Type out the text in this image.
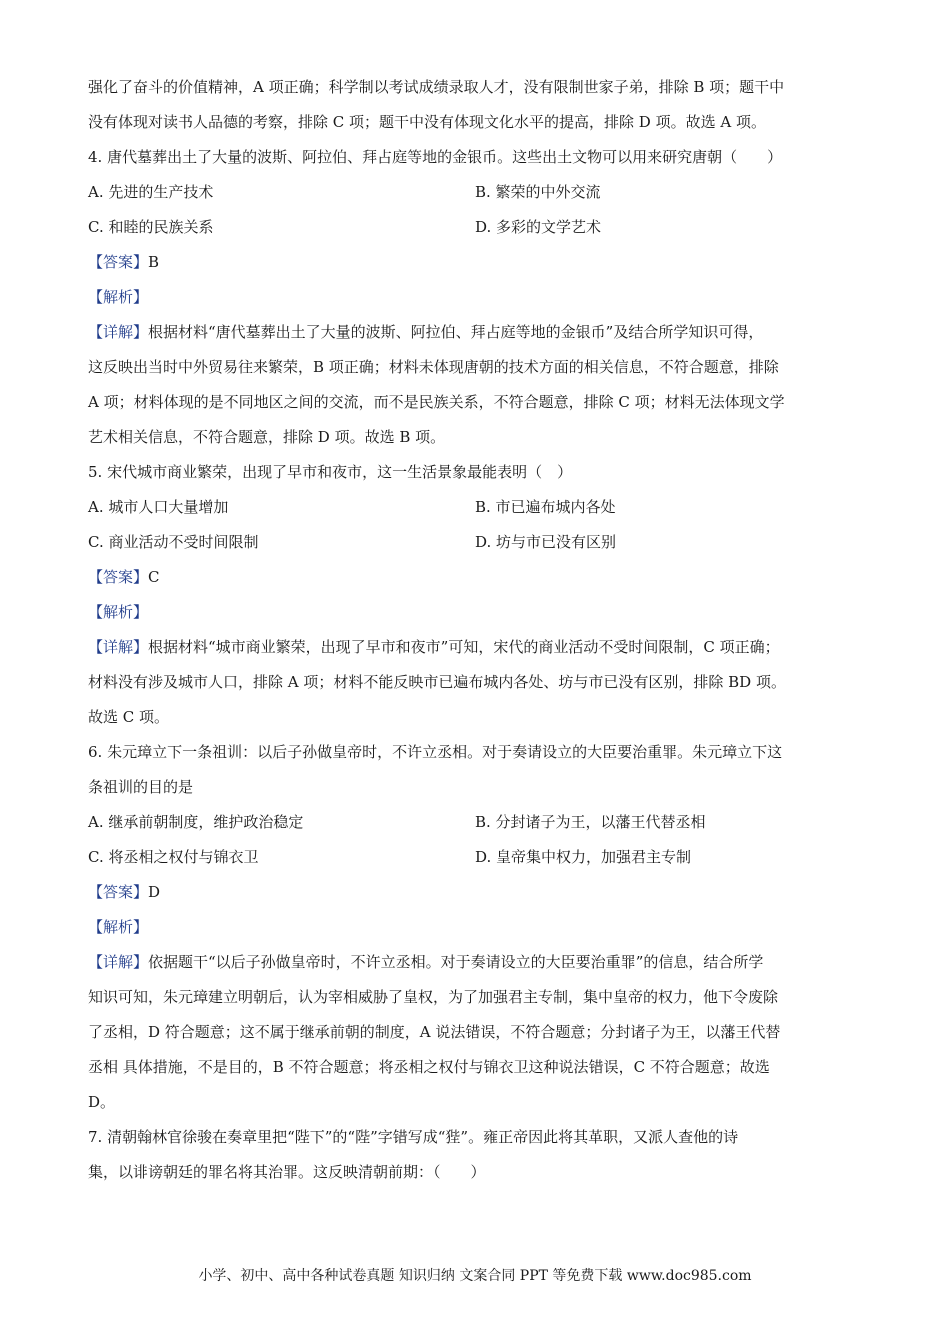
强化了奋斗的价值精神，A 项正确；科学制以考试成绩录取人才，没有限制世家子弟，排除 B 项；题干中
没有体现对读书人品德的考察，排除 C 项；题干中没有体现文化水平的提高，排除 D 项。故选 A 项。
4. 唐代墓葬出土了大量的波斯、阿拉伯、拜占庭等地的金银币。这些出土文物可以用来研究唐朝（　　）
A. 先进的生产技术	B. 繁荣的中外交流
C. 和睦的民族关系	D. 多彩的文学艺术
【答案】B
【解析】
【详解】根据材料“唐代墓葬出土了大量的波斯、阿拉伯、拜占庭等地的金银币”及结合所学知识可得，
这反映出当时中外贸易往来繁荣，B 项正确；材料未体现唐朝的技术方面的相关信息，不符合题意，排除
A 项；材料体现的是不同地区之间的交流，而不是民族关系，不符合题意，排除 C 项；材料无法体现文学
艺术相关信息，不符合题意，排除 D 项。故选 B 项。
5. 宋代城市商业繁荣，出现了早市和夜市，这一生活景象最能表明（　）
A. 城市人口大量增加	B. 市已遍布城内各处
C. 商业活动不受时间限制	D. 坊与市已没有区别
【答案】C
【解析】
【详解】根据材料“城市商业繁荣，出现了早市和夜市”可知，宋代的商业活动不受时间限制，C 项正确；
材料没有涉及城市人口，排除 A 项；材料不能反映市已遍布城内各处、坊与市已没有区别，排除 BD 项。
故选 C 项。
6. 朱元璋立下一条祖训：以后子孙做皇帝时，不许立丞相。对于奏请设立的大臣要治重罪。朱元璋立下这
条祖训的目的是
A. 继承前朝制度，维护政治稳定	B. 分封诸子为王，以藩王代替丞相
C. 将丞相之权付与锦衣卫	D. 皇帝集中权力，加强君主专制
【答案】D
【解析】
【详解】依据题干“以后子孙做皇帝时，不许立丞相。对于奏请设立的大臣要治重罪”的信息，结合所学
知识可知，朱元璋建立明朝后，认为宰相威胁了皇权，为了加强君主专制，集中皇帝的权力，他下令废除
了丞相，D 符合题意；这不属于继承前朝的制度，A 说法错误，不符合题意；分封诸子为王，以藩王代替
丞相 具体措施，不是目的，B 不符合题意；将丞相之权付与锦衣卫这种说法错误，C 不符合题意；故选
D。
7. 清朝翰林官徐骏在奏章里把“陛下”的“陛”字错写成“狴”。雍正帝因此将其革职，又派人查他的诗
集，以诽谤朝廷的罪名将其治罪。这反映清朝前期：（　　）
小学、初中、高中各种试卷真题 知识归纳 文案合同 PPT 等免费下载 www.doc985.com
